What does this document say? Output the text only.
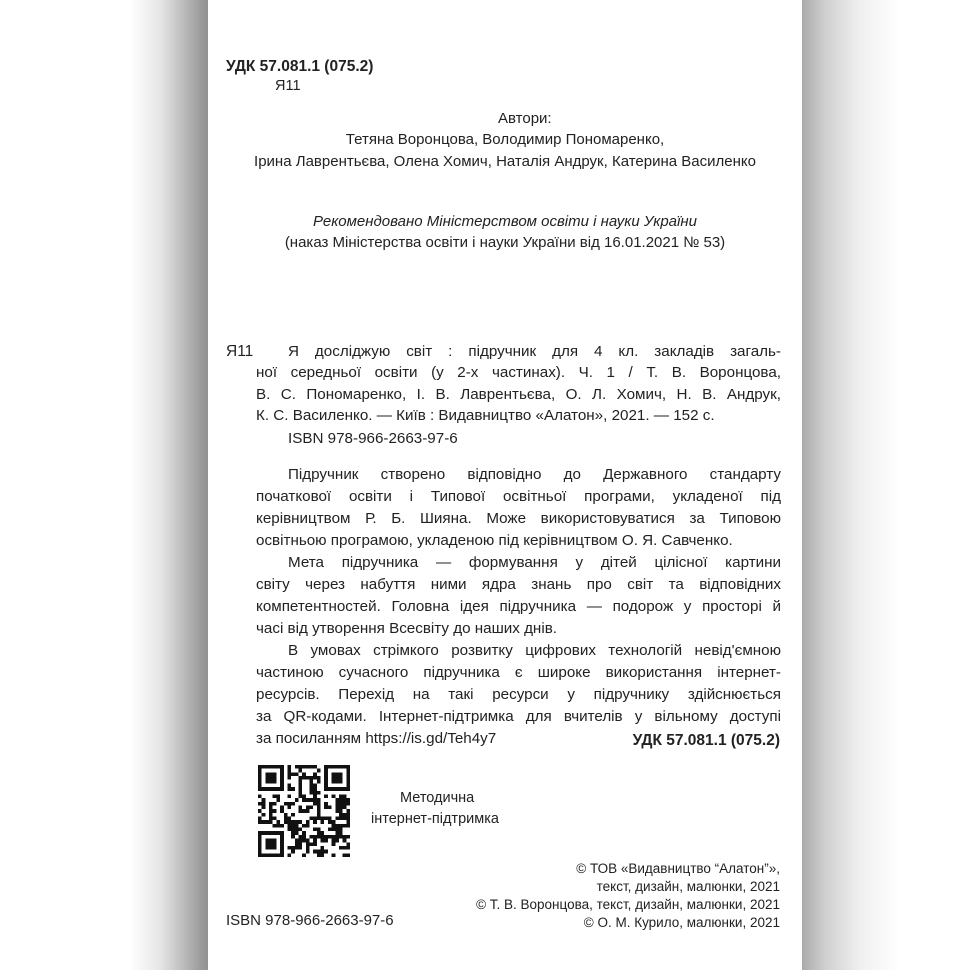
УДК 57.081.1 (075.2)
Я11
Автори:
Тетяна Воронцова, Володимир Пономаренко,
Ірина Лаврентьєва, Олена Хомич, Наталія Андрук, Катерина Василенко
Рекомендовано Міністерством освіти і науки України
(наказ Міністерства освіти і науки України від 16.01.2021 № 53)
Я11 Я досліджую світ : підручник для 4 кл. закладів загаль-
ної середньої освіти (у 2-х частинах). Ч. 1 / Т. В. Воронцова,
В. С. Пономаренко, І. В. Лаврентьєва, О. Л. Хомич, Н. В. Андрук,
К. С. Василенко. — Київ : Видавництво «Алатон», 2021. — 152 с.
ISBN 978-966-2663-97-6
Підручник створено відповідно до Державного стандарту
початкової освіти і Типової освітньої програми, укладеної під
керівництвом Р. Б. Шияна. Може використовуватися за Типовою
освітньою програмою, укладеною під керівництвом О. Я. Савченко.
Мета підручника — формування у дітей цілісної картини
світу через набуття ними ядра знань про світ та відповідних
компетентностей. Головна ідея підручника — подорож у просторі й
часі від утворення Всесвіту до наших днів.
В умовах стрімкого розвитку цифрових технологій невід'ємною
частиною сучасного підручника є широке використання інтернет-
ресурсів. Перехід на такі ресурси у підручнику здійснюється
за QR-кодами. Інтернет-підтримка для вчителів у вільному доступі
за посиланням https://is.gd/Teh4y7	УДК 57.081.1 (075.2)
Методична
інтернет-підтримка
© ТОВ «Видавництво “Алатон”»,
текст, дизайн, малюнки, 2021
© Т. В. Воронцова, текст, дизайн, малюнки, 2021
© О. М. Курило, малюнки, 2021
ISBN 978-966-2663-97-6
